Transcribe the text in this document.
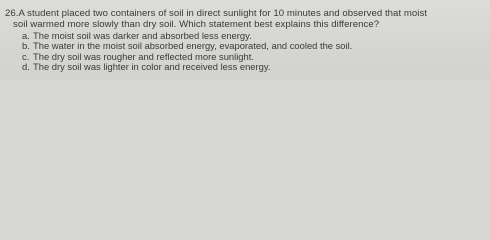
26.A student placed two containers of soil in direct sunlight for 10 minutes and observed that moist
soil warmed more slowly than dry soil. Which statement best explains this difference?
a. The moist soil was darker and absorbed less energy.
b. The water in the moist soil absorbed energy, evaporated, and cooled the soil.
c. The dry soil was rougher and reflected more sunlight.
d. The dry soil was lighter in color and received less energy.
